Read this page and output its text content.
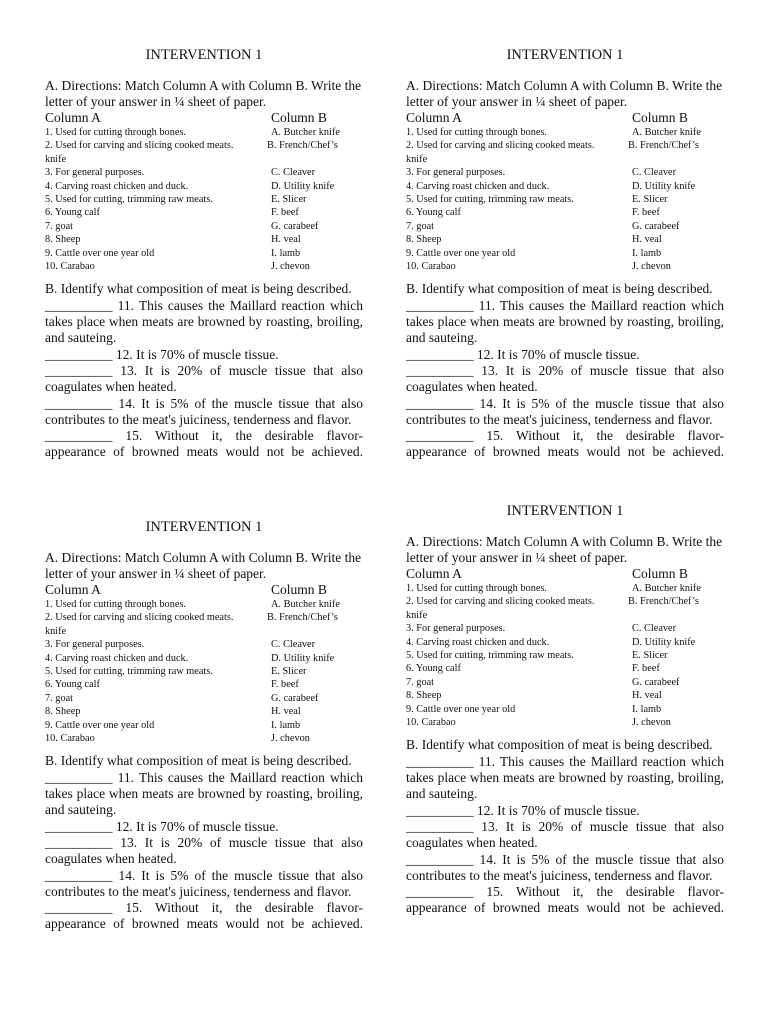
INTERVENTION 1
A. Directions: Match Column A with Column B. Write the letter of your answer in ¼ sheet of paper.
Column A	Column B
1. Used for cutting through bones.	A. Butcher knife
2. Used for carving and slicing cooked meats.	B. French/Chef’s
knife
3. For general purposes.	C. Cleaver
4. Carving roast chicken and duck.	D. Utility knife
5. Used for cutting, trimming raw meats.	E. Slicer
6. Young calf	F. beef
7. goat	G. carabeef
8. Sheep	H. veal
9. Cattle over one year old	I. lamb
10. Carabao	J. chevon

B. Identify what composition of meat is being described.

__________ 11. This causes the Maillard reaction which takes place when meats are browned by roasting, broiling, and sauteing.

__________ 12. It is 70% of muscle tissue.

__________ 13. It is 20% of muscle tissue that also coagulates when heated.

__________ 14. It is 5% of the muscle tissue that also contributes to the meat's juiciness, tenderness and flavor.

__________ 15. Without it, the desirable flavor-appearance of browned meats would not be achieved.

INTERVENTION 1
A. Directions: Match Column A with Column B. Write the letter of your answer in ¼ sheet of paper.
Column A	Column B
1. Used for cutting through bones.	A. Butcher knife
2. Used for carving and slicing cooked meats.	B. French/Chef’s
knife
3. For general purposes.	C. Cleaver
4. Carving roast chicken and duck.	D. Utility knife
5. Used for cutting, trimming raw meats.	E. Slicer
6. Young calf	F. beef
7. goat	G. carabeef
8. Sheep	H. veal
9. Cattle over one year old	I. lamb
10. Carabao	J. chevon

B. Identify what composition of meat is being described.

__________ 11. This causes the Maillard reaction which takes place when meats are browned by roasting, broiling, and sauteing.

__________ 12. It is 70% of muscle tissue.

__________ 13. It is 20% of muscle tissue that also coagulates when heated.

__________ 14. It is 5% of the muscle tissue that also contributes to the meat's juiciness, tenderness and flavor.

__________ 15. Without it, the desirable flavor-appearance of browned meats would not be achieved.

INTERVENTION 1
A. Directions: Match Column A with Column B. Write the letter of your answer in ¼ sheet of paper.
Column A	Column B
1. Used for cutting through bones.	A. Butcher knife
2. Used for carving and slicing cooked meats.	B. French/Chef’s
knife
3. For general purposes.	C. Cleaver
4. Carving roast chicken and duck.	D. Utility knife
5. Used for cutting, trimming raw meats.	E. Slicer
6. Young calf	F. beef
7. goat	G. carabeef
8. Sheep	H. veal
9. Cattle over one year old	I. lamb
10. Carabao	J. chevon

B. Identify what composition of meat is being described.

__________ 11. This causes the Maillard reaction which takes place when meats are browned by roasting, broiling, and sauteing.

__________ 12. It is 70% of muscle tissue.

__________ 13. It is 20% of muscle tissue that also coagulates when heated.

__________ 14. It is 5% of the muscle tissue that also contributes to the meat's juiciness, tenderness and flavor.

__________ 15. Without it, the desirable flavor-appearance of browned meats would not be achieved.

INTERVENTION 1
A. Directions: Match Column A with Column B. Write the letter of your answer in ¼ sheet of paper.
Column A	Column B
1. Used for cutting through bones.	A. Butcher knife
2. Used for carving and slicing cooked meats.	B. French/Chef’s
knife
3. For general purposes.	C. Cleaver
4. Carving roast chicken and duck.	D. Utility knife
5. Used for cutting, trimming raw meats.	E. Slicer
6. Young calf	F. beef
7. goat	G. carabeef
8. Sheep	H. veal
9. Cattle over one year old	I. lamb
10. Carabao	J. chevon

B. Identify what composition of meat is being described.

__________ 11. This causes the Maillard reaction which takes place when meats are browned by roasting, broiling, and sauteing.

__________ 12. It is 70% of muscle tissue.

__________ 13. It is 20% of muscle tissue that also coagulates when heated.

__________ 14. It is 5% of the muscle tissue that also contributes to the meat's juiciness, tenderness and flavor.

__________ 15. Without it, the desirable flavor-appearance of browned meats would not be achieved.
